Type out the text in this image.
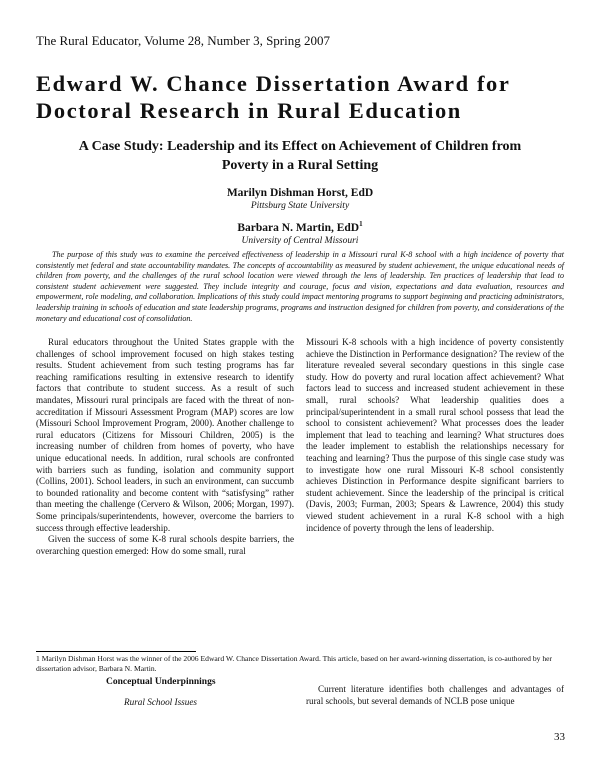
The Rural Educator, Volume 28, Number 3, Spring 2007
Edward W. Chance Dissertation Award for
Doctoral Research in Rural Education
A Case Study: Leadership and its Effect on Achievement of Children from
Poverty in a Rural Setting
Marilyn Dishman Horst, EdD
Pittsburg State University
Barbara N. Martin, EdD$^1$
University of Central Missouri

The purpose of this study was to examine the perceived effectiveness of leadership in a Missouri rural K-8 school with a high incidence of poverty that consistently met federal and state accountability mandates. The concepts of accountability as measured by student achievement, the unique educational needs of children from poverty, and the challenges of the rural school location were viewed through the lens of leadership. Ten practices of leadership that lead to consistent student achievement were suggested. They include integrity and courage, focus and vision, expectations and data evaluation, resources and empowerment, role modeling, and collaboration. Implications of this study could impact mentoring programs to support beginning and practicing administrators, leadership training in schools of education and state leadership programs, programs and instruction designed for children from poverty, and considerations of the monetary and educational cost of consolidation.

Rural educators throughout the United States grapple with the challenges of school improvement focused on high stakes testing results. Student achievement from such testing programs has far reaching ramifications resulting in extensive research to identify factors that contribute to student success. As a result of such mandates, Missouri rural principals are faced with the threat of non-accreditation if Missouri Assessment Program (MAP) scores are low (Missouri School Improvement Program, 2000). Another challenge to rural educators (Citizens for Missouri Children, 2005) is the increasing number of children from homes of poverty, who have unique educational needs. In addition, rural schools are confronted with barriers such as funding, isolation and community support (Collins, 2001). School leaders, in such an environment, can succumb to bounded rationality and become content with “satisfysing” rather than meeting the challenge (Cervero & Wilson, 2006; Morgan, 1997). Some principals/superintendents, however, overcome the barriers to success through effective leadership.

Given the success of some K-8 rural schools despite barriers, the overarching question emerged: How do some small, rural

Missouri K-8 schools with a high incidence of poverty consistently achieve the Distinction in Performance designation? The review of the literature revealed several secondary questions in this single case study. How do poverty and rural location affect achievement? What factors lead to success and increased student achievement in these small, rural schools? What leadership qualities does a principal/superintendent in a small rural school possess that lead the school to consistent achievement? What processes does the leader implement that lead to teaching and learning? What structures does the leader implement to establish the relationships necessary for teaching and learning? Thus the purpose of this single case study was to investigate how one rural Missouri K-8 school consistently achieves Distinction in Performance despite significant barriers to student achievement. Since the leadership of the principal is critical (Davis, 2003; Furman, 2003; Spears & Lawrence, 2004) this study viewed student achievement in a rural K-8 school with a high incidence of poverty through the lens of leadership.

1 Marilyn Dishman Horst was the winner of the 2006 Edward W. Chance Dissertation Award. This article, based on her award-winning dissertation, is co-authored by her dissertation advisor, Barbara N. Martin.

Conceptual Underpinnings
Rural School Issues

Current literature identifies both challenges and advantages of rural schools, but several demands of NCLB pose unique

33
